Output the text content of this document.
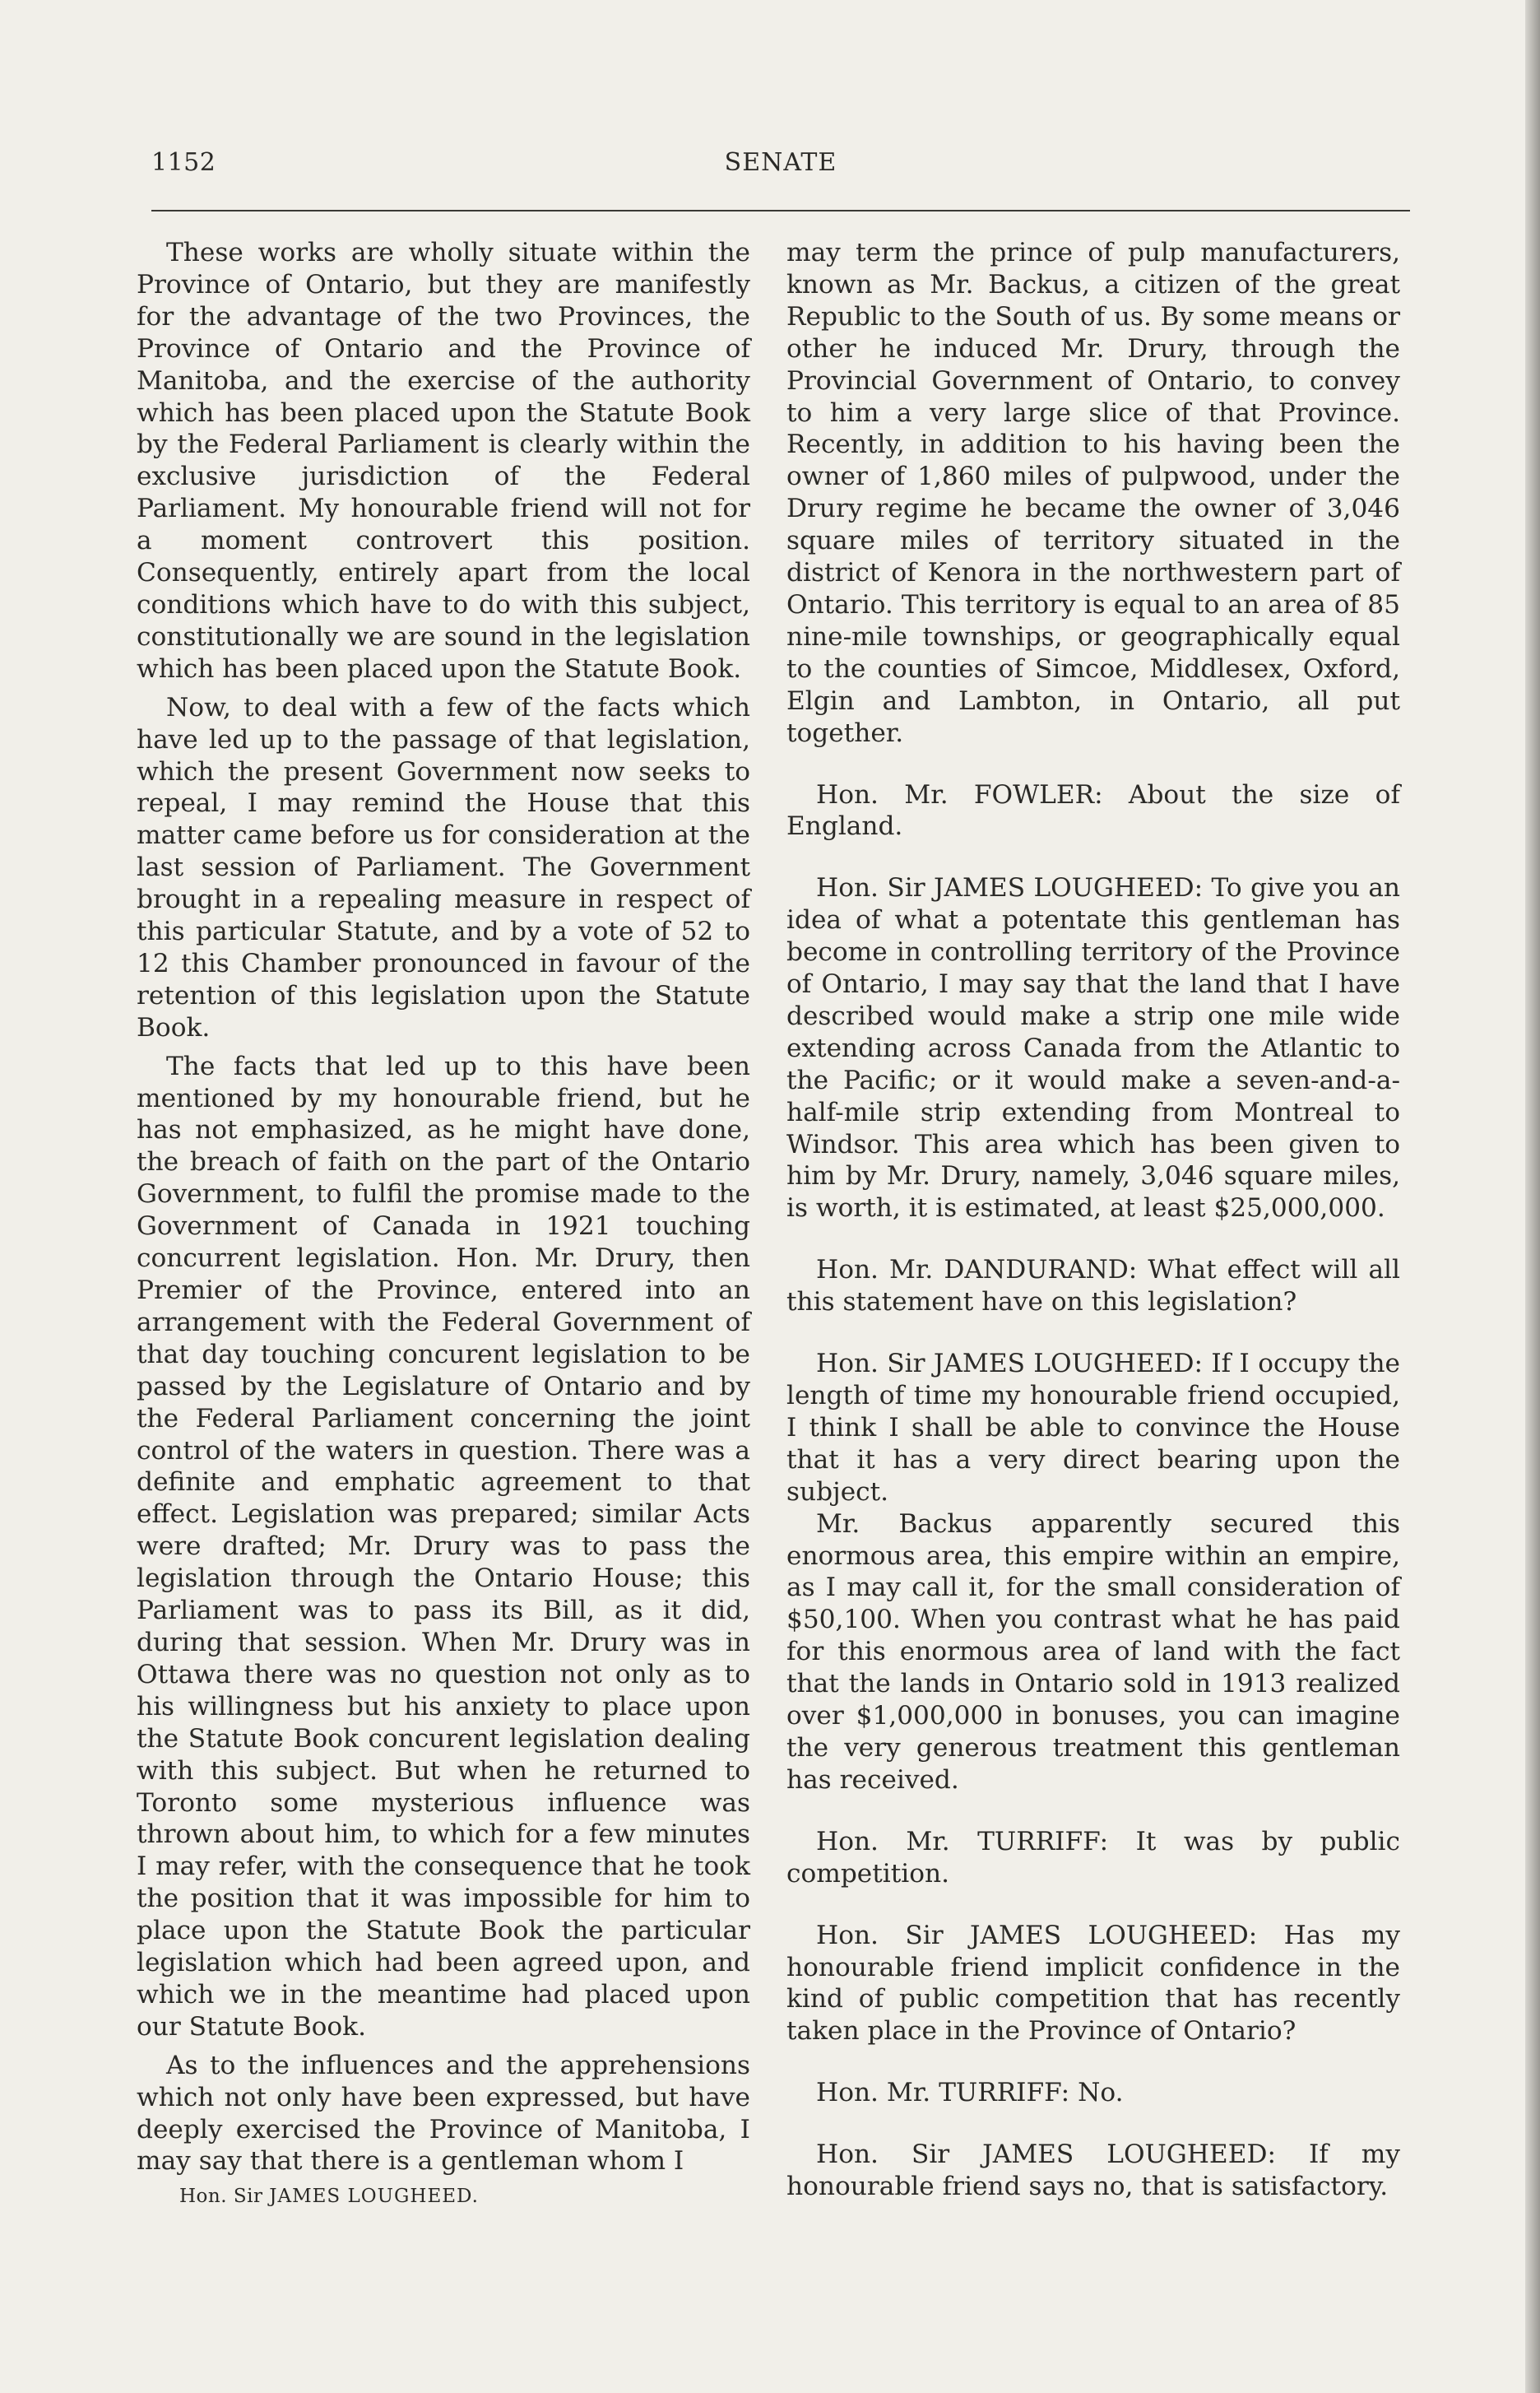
1152	SENATE

These works are wholly situate within the Province of Ontario, but they are manifestly for the advantage of the two Provinces, the Province of Ontario and the Province of Manitoba, and the exercise of the authority which has been placed upon the Statute Book by the Federal Parliament is clearly within the exclusive jurisdiction of the Federal Parliament. My honourable friend will not for a moment controvert this position. Consequently, entirely apart from the local conditions which have to do with this subject, constitutionally we are sound in the legislation which has been placed upon the Statute Book.

Now, to deal with a few of the facts which have led up to the passage of that legislation, which the present Government now seeks to repeal, I may remind the House that this matter came before us for consideration at the last session of Parliament. The Government brought in a repealing measure in respect of this particular Statute, and by a vote of 52 to 12 this Chamber pronounced in favour of the retention of this legislation upon the Statute Book.

The facts that led up to this have been mentioned by my honourable friend, but he has not emphasized, as he might have done, the breach of faith on the part of the Ontario Government, to fulfil the promise made to the Government of Canada in 1921 touching concurrent legislation. Hon. Mr. Drury, then Premier of the Province, entered into an arrangement with the Federal Government of that day touching concurent legislation to be passed by the Legislature of Ontario and by the Federal Parliament concerning the joint control of the waters in question. There was a definite and emphatic agreement to that effect. Legislation was prepared; similar Acts were drafted; Mr. Drury was to pass the legislation through the Ontario House; this Parliament was to pass its Bill, as it did, during that session. When Mr. Drury was in Ottawa there was no question not only as to his willingness but his anxiety to place upon the Statute Book concurent legislation dealing with this subject. But when he returned to Toronto some mysterious influence was thrown about him, to which for a few minutes I may refer, with the consequence that he took the position that it was impossible for him to place upon the Statute Book the particular legislation which had been agreed upon, and which we in the meantime had placed upon our Statute Book.

As to the influences and the apprehensions which not only have been expressed, but have deeply exercised the Province of Manitoba, I may say that there is a gentleman whom I

may term the prince of pulp manufacturers, known as Mr. Backus, a citizen of the great Republic to the South of us. By some means or other he induced Mr. Drury, through the Provincial Government of Ontario, to convey to him a very large slice of that Province. Recently, in addition to his having been the owner of 1,860 miles of pulpwood, under the Drury regime he became the owner of 3,046 square miles of territory situated in the district of Kenora in the northwestern part of Ontario. This territory is equal to an area of 85 nine-mile townships, or geographically equal to the counties of Simcoe, Middlesex, Oxford, Elgin and Lambton, in Ontario, all put together.

Hon. Mr. FOWLER: About the size of England.

Hon. Sir JAMES LOUGHEED: To give you an idea of what a potentate this gentleman has become in controlling territory of the Province of Ontario, I may say that the land that I have described would make a strip one mile wide extending across Canada from the Atlantic to the Pacific; or it would make a seven-and-a-half-mile strip extending from Montreal to Windsor. This area which has been given to him by Mr. Drury, namely, 3,046 square miles, is worth, it is estimated, at least $25,000,000.

Hon. Mr. DANDURAND: What effect will all this statement have on this legislation?

Hon. Sir JAMES LOUGHEED: If I occupy the length of time my honourable friend occupied, I think I shall be able to convince the House that it has a very direct bearing upon the subject.

Mr. Backus apparently secured this enormous area, this empire within an empire, as I may call it, for the small consideration of $50,100. When you contrast what he has paid for this enormous area of land with the fact that the lands in Ontario sold in 1913 realized over $1,000,000 in bonuses, you can imagine the very generous treatment this gentleman has received.

Hon. Mr. TURRIFF: It was by public competition.

Hon. Sir JAMES LOUGHEED: Has my honourable friend implicit confidence in the kind of public competition that has recently taken place in the Province of Ontario?

Hon. Mr. TURRIFF: No.

Hon. Sir JAMES LOUGHEED: If my honourable friend says no, that is satisfactory.

Hon. Sir JAMES LOUGHEED.
